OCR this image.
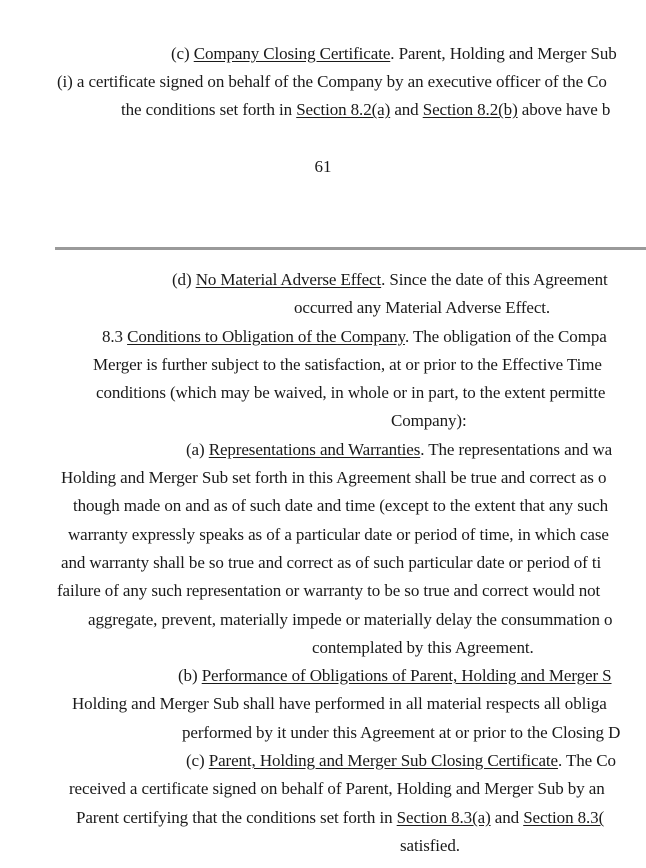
(c) Company Closing Certificate. Parent, Holding and Merger Sub
(i) a certificate signed on behalf of the Company by an executive officer of the Co
the conditions set forth in Section 8.2(a) and Section 8.2(b) above have b
61
(d) No Material Adverse Effect. Since the date of this Agreement
occurred any Material Adverse Effect.
8.3 Conditions to Obligation of the Company. The obligation of the Compa
Merger is further subject to the satisfaction, at or prior to the Effective Time
conditions (which may be waived, in whole or in part, to the extent permitte
Company):
(a) Representations and Warranties. The representations and wa
Holding and Merger Sub set forth in this Agreement shall be true and correct as o
though made on and as of such date and time (except to the extent that any such
warranty expressly speaks as of a particular date or period of time, in which case
and warranty shall be so true and correct as of such particular date or period of ti
failure of any such representation or warranty to be so true and correct would not
aggregate, prevent, materially impede or materially delay the consummation o
contemplated by this Agreement.
(b) Performance of Obligations of Parent, Holding and Merger S
Holding and Merger Sub shall have performed in all material respects all obliga
performed by it under this Agreement at or prior to the Closing D
(c) Parent, Holding and Merger Sub Closing Certificate. The Co
received a certificate signed on behalf of Parent, Holding and Merger Sub by an
Parent certifying that the conditions set forth in Section 8.3(a) and Section 8.3(
satisfied.
